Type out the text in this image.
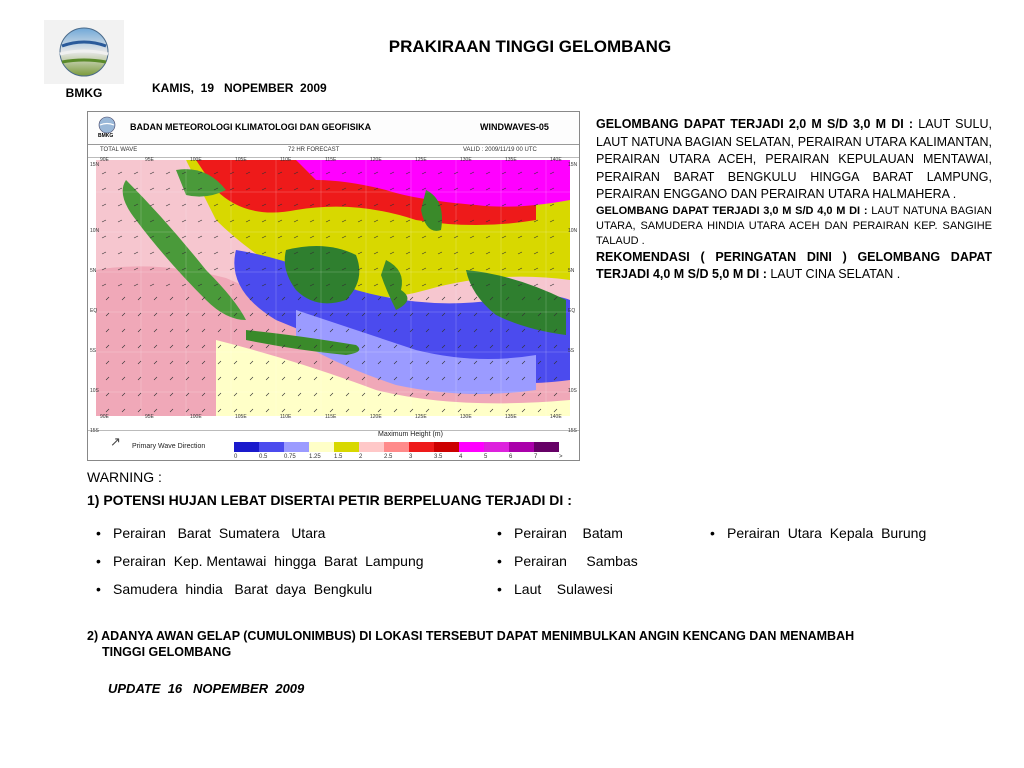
BMKG
PRAKIRAAN TINGGI GELOMBANG
KAMIS,  19   NOPEMBER  2009
BMKG
BADAN METEOROLOGI KLIMATOLOGI DAN GEOFISIKA	WINDWAVES-05
TOTAL WAVE	72 HR FORECAST	VALID : 2009/11/19 00 UTC
↗ Primary Wave Direction
Maximum Height (m)
0	0.5	0.75 1.25 1.5	2	2.5	3	3.5	4	5	6	7	>
90E
90E
95E
95E
100E
100E
105E
105E
110E
110E
115E
115E
120E
120E
125E
125E
130E
130E
135E
135E
140E
140E
15N	15N
10N	10N
5N	5N
EQ	EQ
5S	5S
10S	10S
15S	15S

GELOMBANG DAPAT TERJADI 2,0 M S/D 3,0 M DI : LAUT SULU, LAUT NATUNA BAGIAN SELATAN, PERAIRAN UTARA KALIMANTAN, PERAIRAN UTARA ACEH, PERAIRAN KEPULAUAN MENTAWAI, PERAIRAN BARAT BENGKULU HINGGA BARAT LAMPUNG, PERAIRAN ENGGANO DAN PERAIRAN UTARA HALMAHERA .

GELOMBANG DAPAT TERJADI 3,0 M S/D 4,0 M DI : LAUT NATUNA BAGIAN UTARA, SAMUDERA HINDIA UTARA ACEH DAN PERAIRAN KEP. SANGIHE TALAUD .

REKOMENDASI ( PERINGATAN DINI ) GELOMBANG DAPAT TERJADI 4,0 M S/D 5,0 M DI : LAUT CINA SELATAN .

WARNING :
1) POTENSI HUJAN LEBAT DISERTAI PETIR BERPELUANG TERJADI DI :
• Perairan   Barat  Sumatera   Utara
• Perairan  Kep. Mentawai  hingga  Barat  Lampung
• Samudera  hindia   Barat  daya  Bengkulu
• Perairan    Batam
• Perairan     Sambas
• Laut    Sulawesi
• Perairan  Utara  Kepala  Burung
2) ADANYA AWAN GELAP (CUMULONIMBUS) DI LOKASI TERSEBUT DAPAT MENIMBULKAN ANGIN KENCANG DAN MENAMBAH
TINGGI GELOMBANG
UPDATE  16   NOPEMBER  2009
